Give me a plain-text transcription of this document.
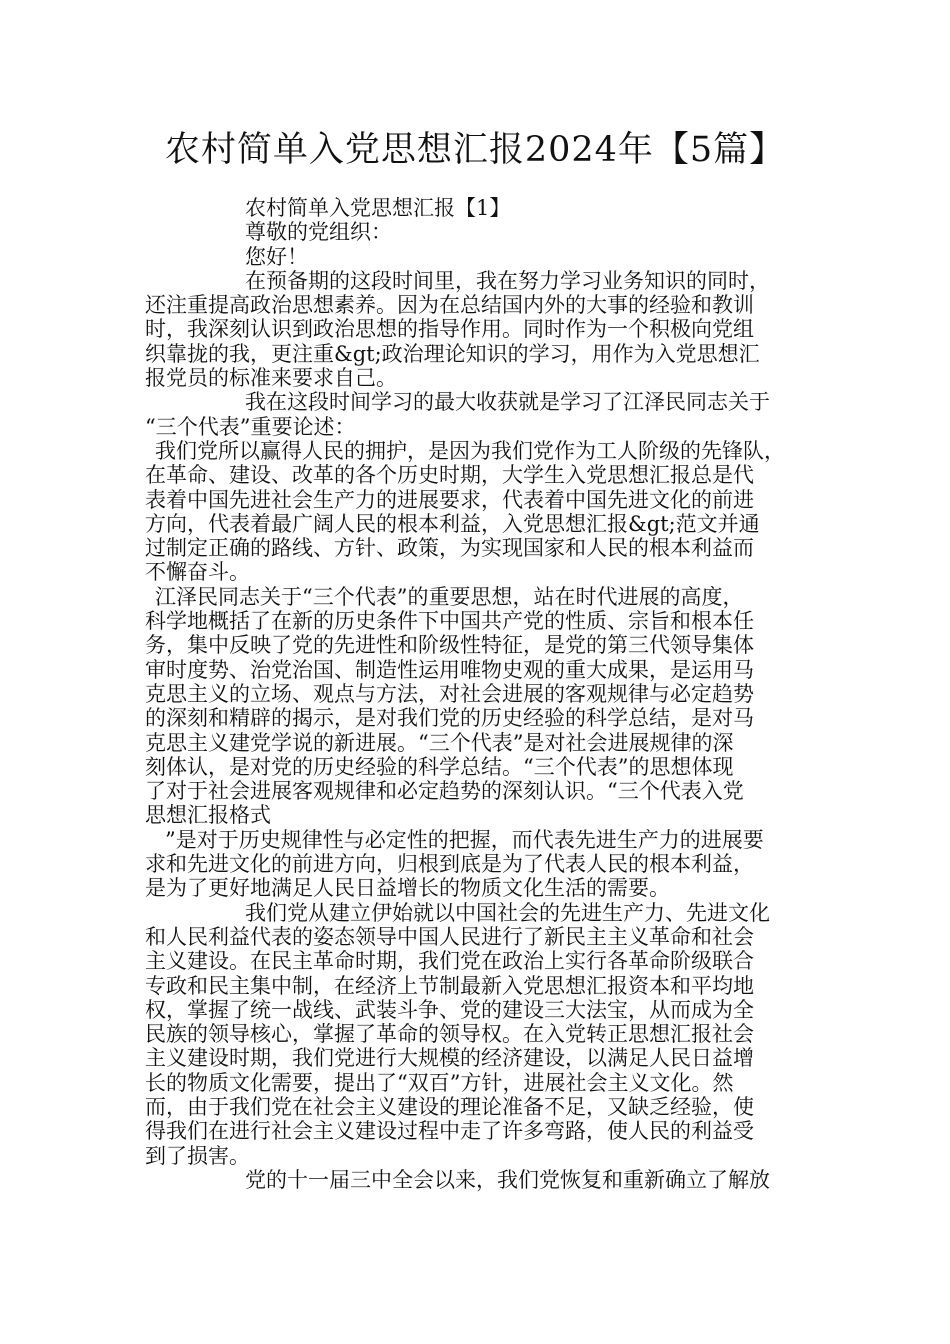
农村简单入党思想汇报2024年【5篇】
农村简单入党思想汇报【1】
尊敬的党组织：
您好！
在预备期的这段时间里，我在努力学习业务知识的同时，
还注重提高政治思想素养。因为在总结国内外的大事的经验和教训
时，我深刻认识到政治思想的指导作用。同时作为一个积极向党组
织靠拢的我，更注重&gt;政治理论知识的学习，用作为入党思想汇
报党员的标准来要求自己。
我在这段时间学习的最大收获就是学习了江泽民同志关于
“三个代表”重要论述：
我们党所以赢得人民的拥护，是因为我们党作为工人阶级的先锋队，
在革命、建设、改革的各个历史时期，大学生入党思想汇报总是代
表着中国先进社会生产力的进展要求，代表着中国先进文化的前进
方向，代表着最广阔人民的根本利益，入党思想汇报&gt;范文并通
过制定正确的路线、方针、政策，为实现国家和人民的根本利益而
不懈奋斗。
江泽民同志关于“三个代表”的重要思想，站在时代进展的高度，
科学地概括了在新的历史条件下中国共产党的性质、宗旨和根本任
务，集中反映了党的先进性和阶级性特征，是党的第三代领导集体
审时度势、治党治国、制造性运用唯物史观的重大成果，是运用马
克思主义的立场、观点与方法，对社会进展的客观规律与必定趋势
的深刻和精辟的揭示，是对我们党的历史经验的科学总结，是对马
克思主义建党学说的新进展。“三个代表”是对社会进展规律的深
刻体认，是对党的历史经验的科学总结。“三个代表”的思想体现
了对于社会进展客观规律和必定趋势的深刻认识。“三个代表入党
思想汇报格式
”是对于历史规律性与必定性的把握，而代表先进生产力的进展要
求和先进文化的前进方向，归根到底是为了代表人民的根本利益，
是为了更好地满足人民日益增长的物质文化生活的需要。
我们党从建立伊始就以中国社会的先进生产力、先进文化
和人民利益代表的姿态领导中国人民进行了新民主主义革命和社会
主义建设。在民主革命时期，我们党在政治上实行各革命阶级联合
专政和民主集中制，在经济上节制最新入党思想汇报资本和平均地
权，掌握了统一战线、武装斗争、党的建设三大法宝，从而成为全
民族的领导核心，掌握了革命的领导权。在入党转正思想汇报社会
主义建设时期，我们党进行大规模的经济建设，以满足人民日益增
长的物质文化需要，提出了“双百”方针，进展社会主义文化。然
而，由于我们党在社会主义建设的理论准备不足，又缺乏经验，使
得我们在进行社会主义建设过程中走了许多弯路，使人民的利益受
到了损害。
党的十一届三中全会以来，我们党恢复和重新确立了解放
